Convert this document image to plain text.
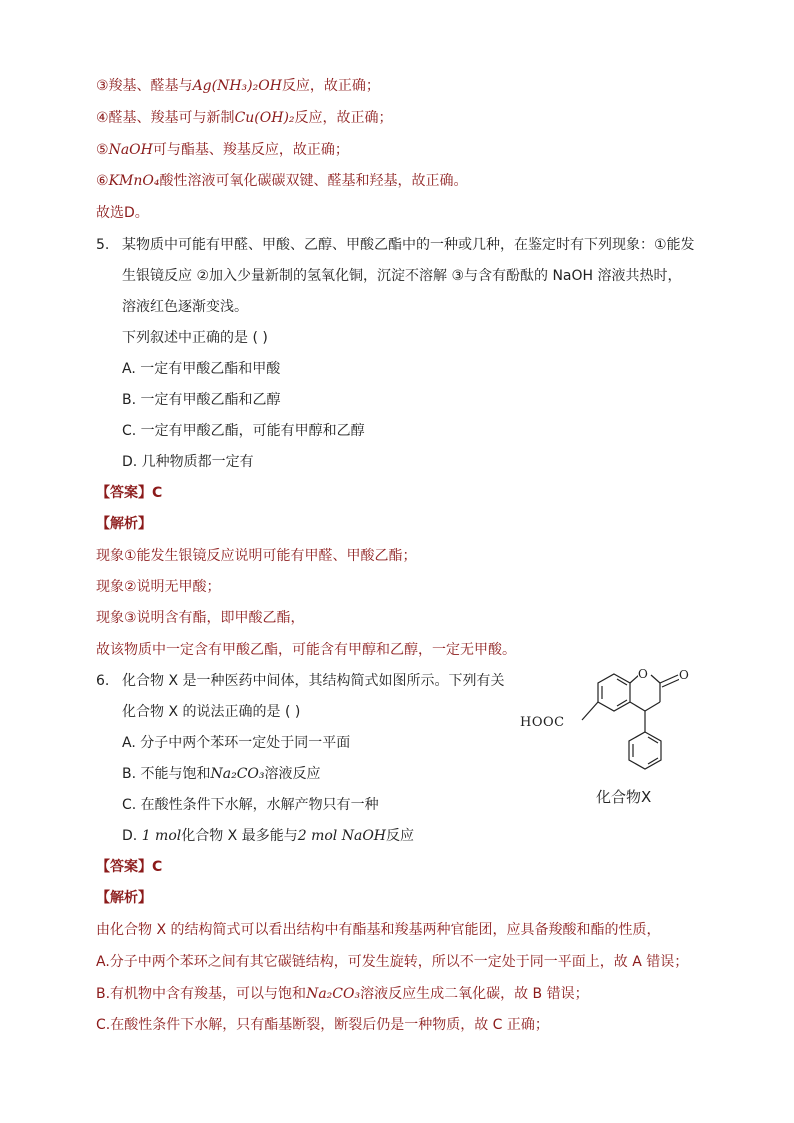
③羧基、醛基与Ag(NH₃)₂OH反应，故正确；
④醛基、羧基可与新制Cu(OH)₂反应，故正确；
⑤NaOH可与酯基、羧基反应，故正确；
⑥KMnO₄酸性溶液可氧化碳碳双键、醛基和羟基，故正确。
故选D。
5. 某物质中可能有甲醛、甲酸、乙醇、甲酸乙酯中的一种或几种，在鉴定时有下列现象：①能发
生银镜反应 ②加入少量新制的氢氧化铜，沉淀不溶解 ③与含有酚酞的 NaOH 溶液共热时，
溶液红色逐渐变浅。
下列叙述中正确的是 ( )
A. 一定有甲酸乙酯和甲酸
B. 一定有甲酸乙酯和乙醇
C. 一定有甲酸乙酯，可能有甲醇和乙醇
D. 几种物质都一定有
【答案】C
【解析】
现象①能发生银镜反应说明可能有甲醛、甲酸乙酯；
现象②说明无甲酸；
现象③说明含有酯，即甲酸乙酯，
故该物质中一定含有甲酸乙酯，可能含有甲醇和乙醇，一定无甲酸。
6. 化合物 X 是一种医药中间体，其结构简式如图所示。下列有关
化合物 X 的说法正确的是 ( )
A. 分子中两个苯环一定处于同一平面
B. 不能与饱和Na₂CO₃溶液反应
C. 在酸性条件下水解，水解产物只有一种
D. 1 mol化合物 X 最多能与2 mol NaOH反应
【答案】C
【解析】
由化合物 X 的结构简式可以看出结构中有酯基和羧基两种官能团，应具备羧酸和酯的性质，
A.分子中两个苯环之间有其它碳链结构，可发生旋转，所以不一定处于同一平面上，故 A 错误；
B.有机物中含有羧基，可以与饱和Na₂CO₃溶液反应生成二氧化碳，故 B 错误；
C.在酸性条件下水解，只有酯基断裂，断裂后仍是一种物质，故 C 正确；
O	O
HOOC
化合物X
